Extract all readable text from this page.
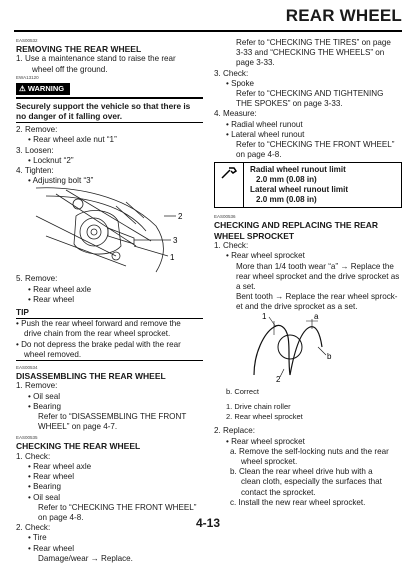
REAR WHEEL
EAS00532
REMOVING THE REAR WHEEL
1. Use a maintenance stand to raise the rear
wheel off the ground.
EWA13120
⚠ WARNING
Securely support the vehicle so that there is
no danger of it falling over.
2. Remove:
• Rear wheel axle nut “1”
3. Loosen:
• Locknut “2”
4. Tighten:
• Adjusting bolt “3”
2
3
1
5. Remove:
• Rear wheel axle
• Rear wheel
TIP
• Push the rear wheel forward and remove the
drive chain from the rear wheel sprocket.
• Do not depress the brake pedal with the rear
wheel removed.
EAS00534
DISASSEMBLING THE REAR WHEEL
1. Remove:
• Oil seal
• Bearing
Refer to “DISASSEMBLING THE FRONT
WHEEL” on page 4-7.
EAS00535
CHECKING THE REAR WHEEL
1. Check:
• Rear wheel axle
• Rear wheel
• Bearing
• Oil seal
Refer to “CHECKING THE FRONT WHEEL”
on page 4-8.
2. Check:
• Tire
• Rear wheel
Damage/wear → Replace.
Refer to “CHECKING THE TIRES” on page
3-33 and “CHECKING THE WHEELS” on
page 3-33.
3. Check:
• Spoke
Refer to “CHECKING AND TIGHTENING
THE SPOKES” on page 3-33.
4. Measure:
• Radial wheel runout
• Lateral wheel runout
Refer to “CHECKING THE FRONT WHEEL”
on page 4-8.
Radial wheel runout limit
2.0 mm (0.08 in)
Lateral wheel runout limit
2.0 mm (0.08 in)
EAS00536
CHECKING AND REPLACING THE REAR
WHEEL SPROCKET
1. Check:
• Rear wheel sprocket
More than 1/4 tooth wear “a” → Replace the
rear wheel sprocket and the drive sprocket as
a set.
Bent tooth → Replace the rear wheel sprock-
et and the drive sprocket as a set.
1	a
b
2
b. Correct
1. Drive chain roller
2. Rear wheel sprocket
2. Replace:
• Rear wheel sprocket
a. Remove the self-locking nuts and the rear
wheel sprocket.
b. Clean the rear wheel drive hub with a
clean cloth, especially the surfaces that
contact the sprocket.
c. Install the new rear wheel sprocket.
4-13
